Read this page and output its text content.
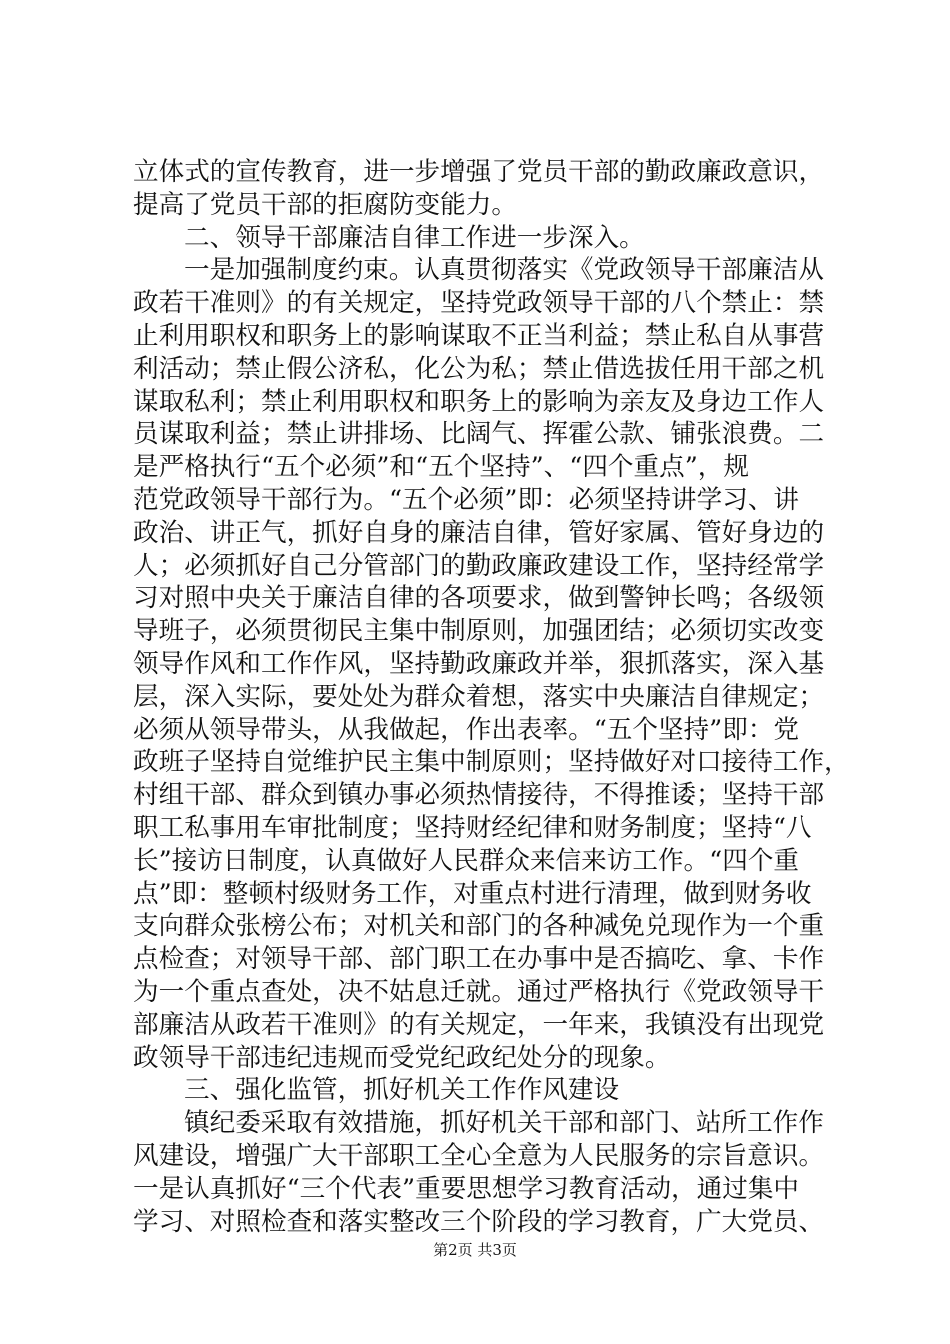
立体式的宣传教育，进一步增强了党员干部的勤政廉政意识，
提高了党员干部的拒腐防变能力。
二、领导干部廉洁自律工作进一步深入。
一是加强制度约束。认真贯彻落实《党政领导干部廉洁从
政若干准则》的有关规定，坚持党政领导干部的八个禁止：禁
止利用职权和职务上的影响谋取不正当利益；禁止私自从事营
利活动；禁止假公济私，化公为私；禁止借选拔任用干部之机
谋取私利；禁止利用职权和职务上的影响为亲友及身边工作人
员谋取利益；禁止讲排场、比阔气、挥霍公款、铺张浪费。二
是严格执行“五个必须”和“五个坚持”、“四个重点”，规
范党政领导干部行为。“五个必须”即：必须坚持讲学习、讲
政治、讲正气，抓好自身的廉洁自律，管好家属、管好身边的
人；必须抓好自己分管部门的勤政廉政建设工作，坚持经常学
习对照中央关于廉洁自律的各项要求，做到警钟长鸣；各级领
导班子，必须贯彻民主集中制原则，加强团结；必须切实改变
领导作风和工作作风，坚持勤政廉政并举，狠抓落实，深入基
层，深入实际，要处处为群众着想，落实中央廉洁自律规定；
必须从领导带头，从我做起，作出表率。“五个坚持”即：党
政班子坚持自觉维护民主集中制原则；坚持做好对口接待工作，
村组干部、群众到镇办事必须热情接待，不得推诿；坚持干部
职工私事用车审批制度；坚持财经纪律和财务制度；坚持“八
长”接访日制度，认真做好人民群众来信来访工作。“四个重
点”即：整顿村级财务工作，对重点村进行清理，做到财务收
支向群众张榜公布；对机关和部门的各种减免兑现作为一个重
点检查；对领导干部、部门职工在办事中是否搞吃、拿、卡作
为一个重点查处，决不姑息迁就。通过严格执行《党政领导干
部廉洁从政若干准则》的有关规定，一年来，我镇没有出现党
政领导干部违纪违规而受党纪政纪处分的现象。
三、强化监管，抓好机关工作作风建设
镇纪委采取有效措施，抓好机关干部和部门、站所工作作
风建设，增强广大干部职工全心全意为人民服务的宗旨意识。
一是认真抓好“三个代表”重要思想学习教育活动，通过集中
学习、对照检查和落实整改三个阶段的学习教育，广大党员、
第2页 共3页
